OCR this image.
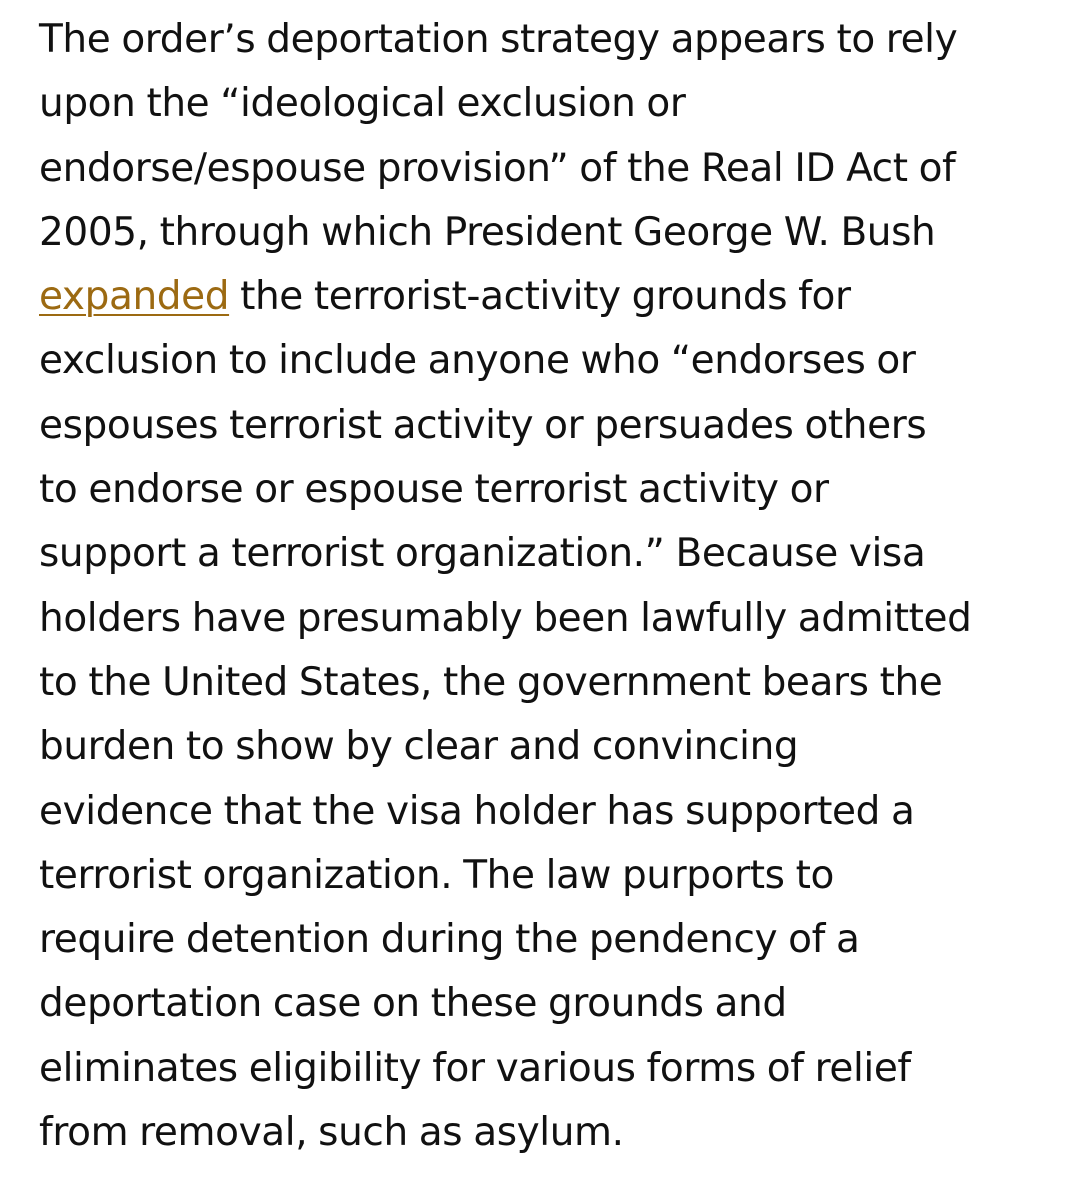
The order’s deportation strategy appears to rely
upon the “ideological exclusion or
endorse/espouse provision” of the Real ID Act of
2005, through which President George W. Bush
expanded the terrorist-activity grounds for
exclusion to include anyone who “endorses or
espouses terrorist activity or persuades others
to endorse or espouse terrorist activity or
support a terrorist organization.” Because visa
holders have presumably been lawfully admitted
to the United States, the government bears the
burden to show by clear and convincing
evidence that the visa holder has supported a
terrorist organization. The law purports to
require detention during the pendency of a
deportation case on these grounds and
eliminates eligibility for various forms of relief
from removal, such as asylum.
